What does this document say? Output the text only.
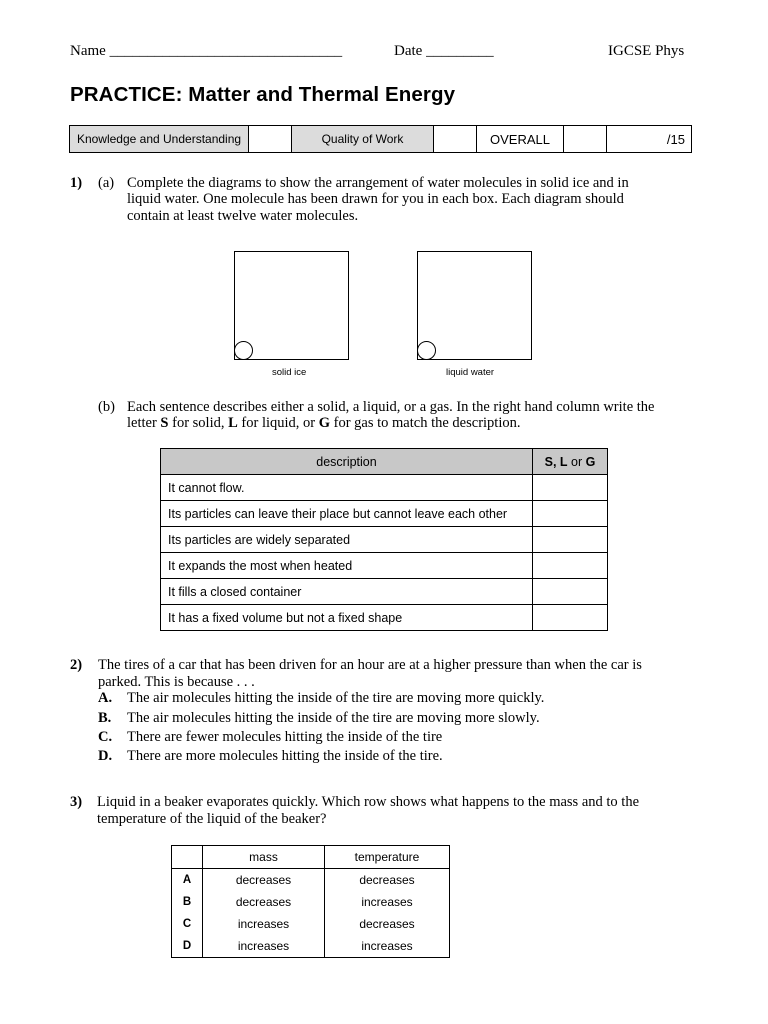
Name _______________________________	Date _________	IGCSE Phys
PRACTICE: Matter and Thermal Energy
Knowledge and Understanding		Quality of Work		OVERALL		/15
1) (a) Complete the diagrams to show the arrangement of water molecules in solid ice and in
liquid water. One molecule has been drawn for you in each box. Each diagram should
contain at least twelve water molecules.
solid ice	liquid water
(b) Each sentence describes either a solid, a liquid, or a gas. In the right hand column write the
letter S for solid, L for liquid, or G for gas to match the description.
description	S, L or G
It cannot flow.	
Its particles can leave their place but cannot leave each other	
Its particles are widely separated	
It expands the most when heated	
It fills a closed container	
It has a fixed volume but not a fixed shape	
2) The tires of a car that has been driven for an hour are at a higher pressure than when the car is
parked. This is because . . .
A. The air molecules hitting the inside of the tire are moving more quickly.
B. The air molecules hitting the inside of the tire are moving more slowly.
C. There are fewer molecules hitting the inside of the tire
D. There are more molecules hitting the inside of the tire.
3) Liquid in a beaker evaporates quickly. Which row shows what happens to the mass and to the
temperature of the liquid of the beaker?
	mass	temperature
A	decreases	decreases
B	decreases	increases
C	increases	decreases
D	increases	increases
